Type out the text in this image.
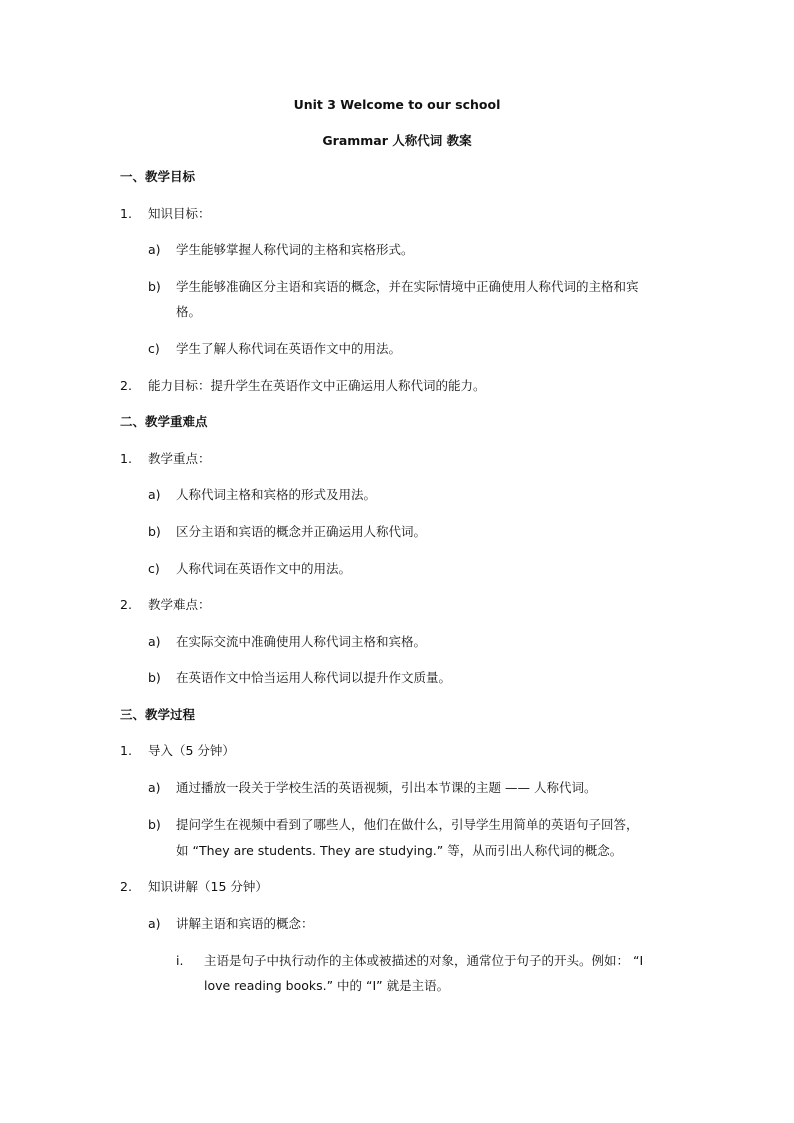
Unit 3 Welcome to our school
Grammar 人称代词 教案
一、教学目标
1. 知识目标：
a) 学生能够掌握人称代词的主格和宾格形式。
b) 学生能够准确区分主语和宾语的概念，并在实际情境中正确使用人称代词的主格和宾
格。
c) 学生了解人称代词在英语作文中的用法。
2. 能力目标：提升学生在英语作文中正确运用人称代词的能力。
二、教学重难点
1. 教学重点：
a) 人称代词主格和宾格的形式及用法。
b) 区分主语和宾语的概念并正确运用人称代词。
c) 人称代词在英语作文中的用法。
2. 教学难点：
a) 在实际交流中准确使用人称代词主格和宾格。
b) 在英语作文中恰当运用人称代词以提升作文质量。
三、教学过程
1. 导入（5 分钟）
a) 通过播放一段关于学校生活的英语视频，引出本节课的主题 —— 人称代词。
b) 提问学生在视频中看到了哪些人，他们在做什么，引导学生用简单的英语句子回答，
如 “They are students. They are studying.” 等，从而引出人称代词的概念。
2. 知识讲解（15 分钟）
a) 讲解主语和宾语的概念：
i. 主语是句子中执行动作的主体或被描述的对象，通常位于句子的开头。例如： “I
love reading books.” 中的 “I” 就是主语。
